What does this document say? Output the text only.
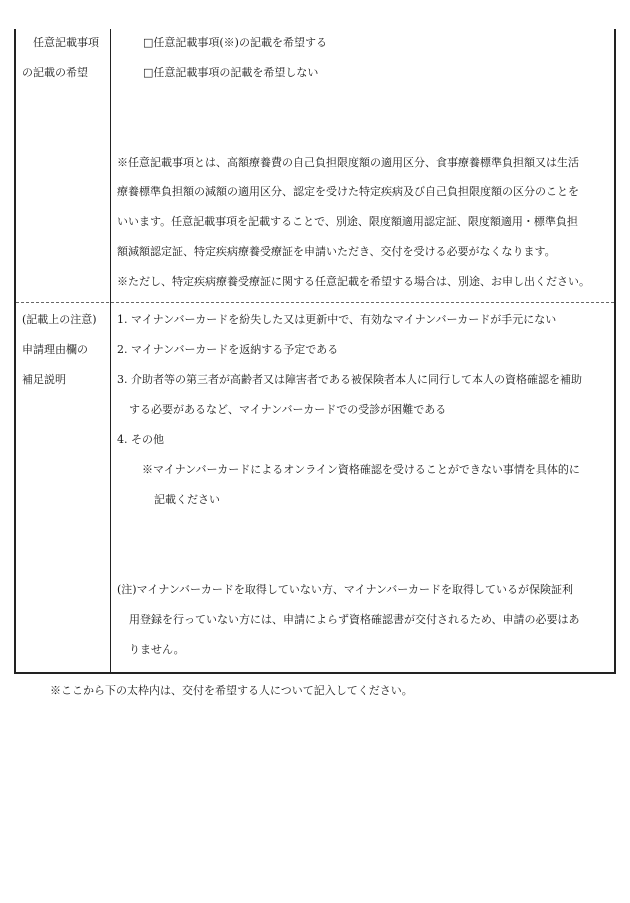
任意記載事項
の記載の希望
□任意記載事項(※)の記載を希望する
□任意記載事項の記載を希望しない
※任意記載事項とは、高額療養費の自己負担限度額の適用区分、食事療養標準負担額又は生活
療養標準負担額の減額の適用区分、認定を受けた特定疾病及び自己負担限度額の区分のことを
いいます。任意記載事項を記載することで、別途、限度額適用認定証、限度額適用・標準負担
額減額認定証、特定疾病療養受療証を申請いただき、交付を受ける必要がなくなります。
※ただし、特定疾病療養受療証に関する任意記載を希望する場合は、別途、お申し出ください。
(記載上の注意)
申請理由欄の
補足説明
1. マイナンバーカードを紛失した又は更新中で、有効なマイナンバーカードが手元にない
2. マイナンバーカードを返納する予定である
3. 介助者等の第三者が高齢者又は障害者である被保険者本人に同行して本人の資格確認を補助
する必要があるなど、マイナンバーカードでの受診が困難である
4. その他
※マイナンバーカードによるオンライン資格確認を受けることができない事情を具体的に
記載ください
(注)マイナンバーカードを取得していない方、マイナンバーカードを取得しているが保険証利
用登録を行っていない方には、申請によらず資格確認書が交付されるため、申請の必要はあ
りません。
※ここから下の太枠内は、交付を希望する人について記入してください。
